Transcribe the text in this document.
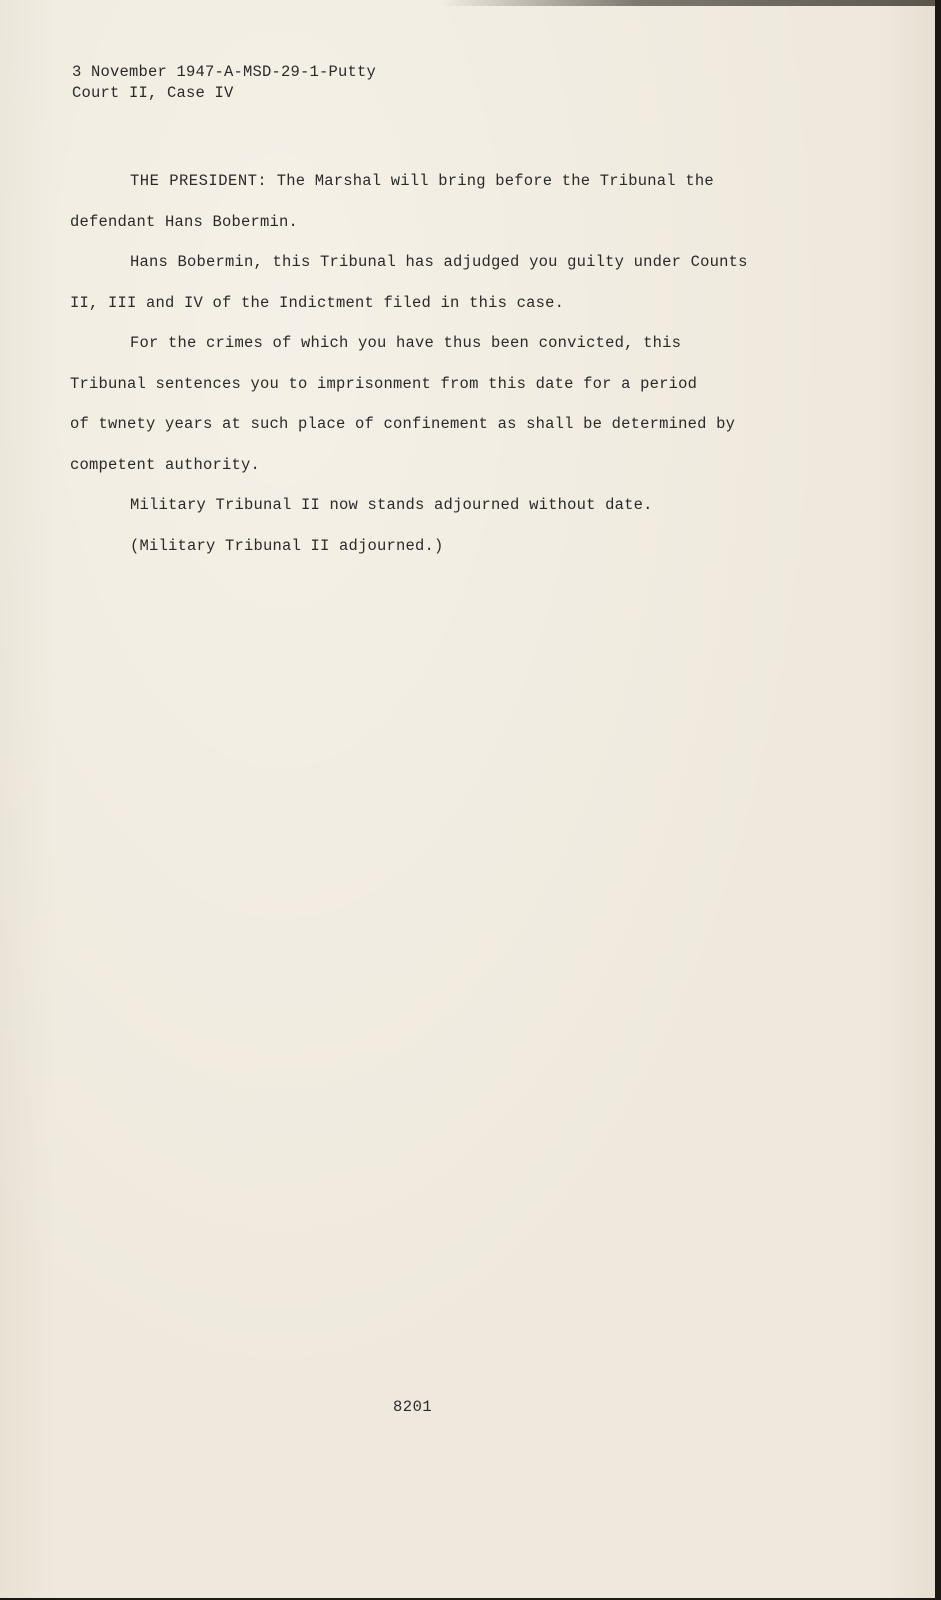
3 November 1947-A-MSD-29-1-Putty
Court II, Case IV
THE PRESIDENT: The Marshal will bring before the Tribunal the
defendant Hans Bobermin.
Hans Bobermin, this Tribunal has adjudged you guilty under Counts
II, III and IV of the Indictment filed in this case.
For the crimes of which you have thus been convicted, this
Tribunal sentences you to imprisonment from this date for a period
of twnety years at such place of confinement as shall be determined by
competent authority.
Military Tribunal II now stands adjourned without date.
(Military Tribunal II adjourned.)
8201
